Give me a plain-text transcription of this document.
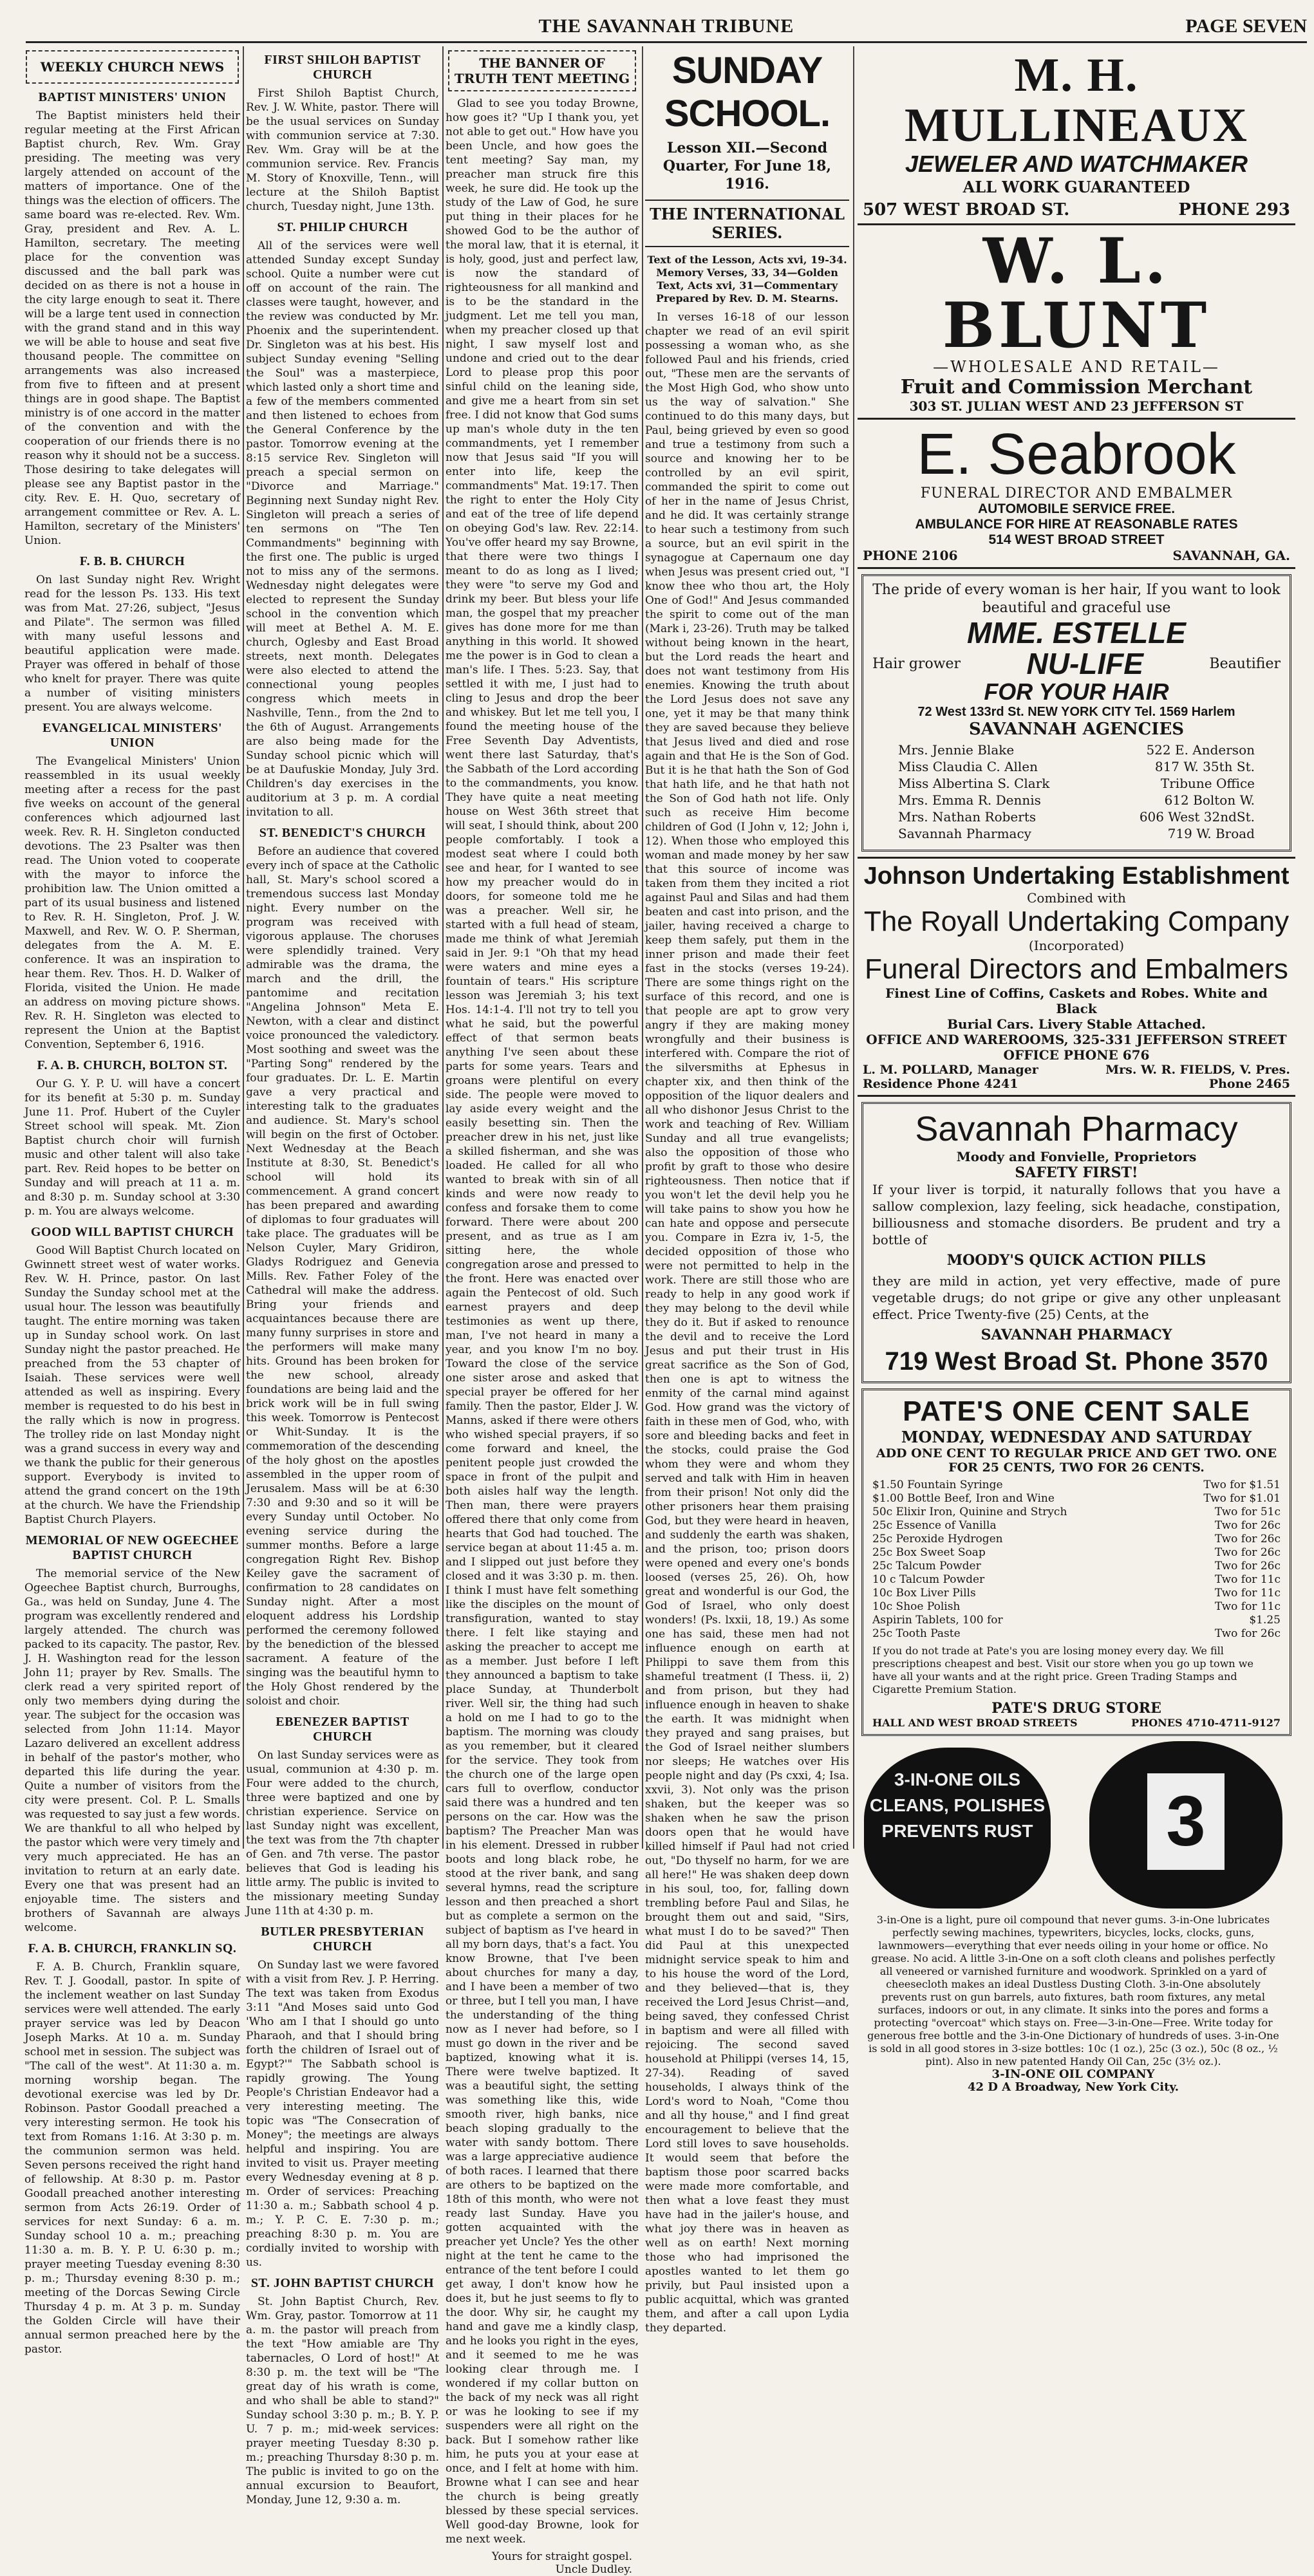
THE SAVANNAH TRIBUNE	PAGE SEVEN
WEEKLY CHURCH NEWS
BAPTIST MINISTERS' UNION

The Baptist ministers held their regular meeting at the First African Baptist church, Rev. Wm. Gray presiding. The meeting was very largely attended on account of the matters of importance. One of the things was the election of officers. The same board was re-elected. Rev. Wm. Gray, president and Rev. A. L. Hamilton, secretary. The meeting place for the convention was discussed and the ball park was decided on as there is not a house in the city large enough to seat it. There will be a large tent used in connection with the grand stand and in this way we will be able to house and seat five thousand people. The committee on arrangements was also increased from five to fifteen and at present things are in good shape. The Baptist ministry is of one accord in the matter of the convention and with the cooperation of our friends there is no reason why it should not be a success. Those desiring to take delegates will please see any Baptist pastor in the city. Rev. E. H. Quo, secretary of arrangement committee or Rev. A. L. Hamilton, secretary of the Ministers' Union.

F. B. B. CHURCH

On last Sunday night Rev. Wright read for the lesson Ps. 133. His text was from Mat. 27:26, subject, "Jesus and Pilate". The sermon was filled with many useful lessons and beautiful application were made. Prayer was offered in behalf of those who knelt for prayer. There was quite a number of visiting ministers present. You are always welcome.

EVANGELICAL MINISTERS' UNION

The Evangelical Ministers' Union reassembled in its usual weekly meeting after a recess for the past five weeks on account of the general conferences which adjourned last week. Rev. R. H. Singleton conducted devotions. The 23 Psalter was then read. The Union voted to cooperate with the mayor to inforce the prohibition law. The Union omitted a part of its usual business and listened to Rev. R. H. Singleton, Prof. J. W. Maxwell, and Rev. W. O. P. Sherman, delegates from the A. M. E. conference. It was an inspiration to hear them. Rev. Thos. H. D. Walker of Florida, visited the Union. He made an address on moving picture shows. Rev. R. H. Singleton was elected to represent the Union at the Baptist Convention, September 6, 1916.

F. A. B. CHURCH, BOLTON ST.

Our G. Y. P. U. will have a concert for its benefit at 5:30 p. m. Sunday June 11. Prof. Hubert of the Cuyler Street school will speak. Mt. Zion Baptist church choir will furnish music and other talent will also take part. Rev. Reid hopes to be better on Sunday and will preach at 11 a. m. and 8:30 p. m. Sunday school at 3:30 p. m. You are always welcome.

GOOD WILL BAPTIST CHURCH

Good Will Baptist Church located on Gwinnett street west of water works. Rev. W. H. Prince, pastor. On last Sunday the Sunday school met at the usual hour. The lesson was beautifully taught. The entire morning was taken up in Sunday school work. On last Sunday night the pastor preached. He preached from the 53 chapter of Isaiah. These services were well attended as well as inspiring. Every member is requested to do his best in the rally which is now in progress. The trolley ride on last Monday night was a grand success in every way and we thank the public for their generous support. Everybody is invited to attend the grand concert on the 19th at the church. We have the Friendship Baptist Church Players.

MEMORIAL OF NEW OGEECHEE BAPTIST CHURCH

The memorial service of the New Ogeechee Baptist church, Burroughs, Ga., was held on Sunday, June 4. The program was excellently rendered and largely attended. The church was packed to its capacity. The pastor, Rev. J. H. Washington read for the lesson John 11; prayer by Rev. Smalls. The clerk read a very spirited report of only two members dying during the year. The subject for the occasion was selected from John 11:14. Mayor Lazaro delivered an excellent address in behalf of the pastor's mother, who departed this life during the year. Quite a number of visitors from the city were present. Col. P. L. Smalls was requested to say just a few words. We are thankful to all who helped by the pastor which were very timely and very much appreciated. He has an invitation to return at an early date. Every one that was present had an enjoyable time. The sisters and brothers of Savannah are always welcome.

F. A. B. CHURCH, FRANKLIN SQ.

F. A. B. Church, Franklin square, Rev. T. J. Goodall, pastor. In spite of the inclement weather on last Sunday services were well attended. The early prayer service was led by Deacon Joseph Marks. At 10 a. m. Sunday school met in session. The subject was "The call of the west". At 11:30 a. m. morning worship began. The devotional exercise was led by Dr. Robinson. Pastor Goodall preached a very interesting sermon. He took his text from Romans 1:16. At 3:30 p. m. the communion sermon was held. Seven persons received the right hand of fellowship. At 8:30 p. m. Pastor Goodall preached another interesting sermon from Acts 26:19. Order of services for next Sunday: 6 a. m. Sunday school 10 a. m.; preaching 11:30 a. m. B. Y. P. U. 6:30 p. m.; prayer meeting Tuesday evening 8:30 p. m.; Thursday evening 8:30 p. m.; meeting of the Dorcas Sewing Circle Thursday 4 p. m. At 3 p. m. Sunday the Golden Circle will have their annual sermon preached here by the pastor.

FIRST SHILOH BAPTIST CHURCH

First Shiloh Baptist Church, Rev. J. W. White, pastor. There will be the usual services on Sunday with communion service at 7:30. Rev. Wm. Gray will be at the communion service. Rev. Francis M. Story of Knoxville, Tenn., will lecture at the Shiloh Baptist church, Tuesday night, June 13th.

ST. PHILIP CHURCH

All of the services were well attended Sunday except Sunday school. Quite a number were cut off on account of the rain. The classes were taught, however, and the review was conducted by Mr. Phoenix and the superintendent. Dr. Singleton was at his best. His subject Sunday evening "Selling the Soul" was a masterpiece, which lasted only a short time and a few of the members commented and then listened to echoes from the General Conference by the pastor. Tomorrow evening at the 8:15 service Rev. Singleton will preach a special sermon on "Divorce and Marriage." Beginning next Sunday night Rev. Singleton will preach a series of ten sermons on "The Ten Commandments" beginning with the first one. The public is urged not to miss any of the sermons. Wednesday night delegates were elected to represent the Sunday school in the convention which will meet at Bethel A. M. E. church, Oglesby and East Broad streets, next month. Delegates were also elected to attend the connectional young peoples congress which meets in Nashville, Tenn., from the 2nd to the 6th of August. Arrangements are also being made for the Sunday school picnic which will be at Daufuskie Monday, July 3rd. Children's day exercises in the auditorium at 3 p. m. A cordial invitation to all.

ST. BENEDICT'S CHURCH

Before an audience that covered every inch of space at the Catholic hall, St. Mary's school scored a tremendous success last Monday night. Every number on the program was received with vigorous applause. The choruses were splendidly trained. Very admirable was the drama, the march and the drill, the pantomime and recitation "Angelina Johnson" Meta E. Newton, with a clear and distinct voice pronounced the valedictory. Most soothing and sweet was the "Parting Song" rendered by the four graduates. Dr. L. E. Martin gave a very practical and interesting talk to the graduates and audience. St. Mary's school will begin on the first of October. Next Wednesday at the Beach Institute at 8:30, St. Benedict's school will hold its commencement. A grand concert has been prepared and awarding of diplomas to four graduates will take place. The graduates will be Nelson Cuyler, Mary Gridiron, Gladys Rodriguez and Genevia Mills. Rev. Father Foley of the Cathedral will make the address. Bring your friends and acquaintances because there are many funny surprises in store and the performers will make many hits. Ground has been broken for the new school, already foundations are being laid and the brick work will be in full swing this week. Tomorrow is Pentecost or Whit-Sunday. It is the commemoration of the descending of the holy ghost on the apostles assembled in the upper room of Jerusalem. Mass will be at 6:30 7:30 and 9:30 and so it will be every Sunday until October. No evening service during the summer months. Before a large congregation Right Rev. Bishop Keiley gave the sacrament of confirmation to 28 candidates on Sunday night. After a most eloquent address his Lordship performed the ceremony followed by the benediction of the blessed sacrament. A feature of the singing was the beautiful hymn to the Holy Ghost rendered by the soloist and choir.

EBENEZER BAPTIST CHURCH

On last Sunday services were as usual, communion at 4:30 p. m. Four were added to the church, three were baptized and one by christian experience. Service on last Sunday night was excellent, the text was from the 7th chapter of Gen. and 7th verse. The pastor believes that God is leading his little army. The public is invited to the missionary meeting Sunday June 11th at 4:30 p. m.

BUTLER PRESBYTERIAN CHURCH

On Sunday last we were favored with a visit from Rev. J. P. Herring. The text was taken from Exodus 3:11 "And Moses said unto God 'Who am I that I should go unto Pharaoh, and that I should bring forth the children of Israel out of Egypt?'" The Sabbath school is rapidly growing. The Young People's Christian Endeavor had a very interesting meeting. The topic was "The Consecration of Money"; the meetings are always helpful and inspiring. You are invited to visit us. Prayer meeting every Wednesday evening at 8 p. m. Order of services: Preaching 11:30 a. m.; Sabbath school 4 p. m.; Y. P. C. E. 7:30 p. m.; preaching 8:30 p. m. You are cordially invited to worship with us.

ST. JOHN BAPTIST CHURCH

St. John Baptist Church, Rev. Wm. Gray, pastor. Tomorrow at 11 a. m. the pastor will preach from the text "How amiable are Thy tabernacles, O Lord of host!" At 8:30 p. m. the text will be "The great day of his wrath is come, and who shall be able to stand?" Sunday school 3:30 p. m.; B. Y. P. U. 7 p. m.; mid-week services: prayer meeting Tuesday 8:30 p. m.; preaching Thursday 8:30 p. m. The public is invited to go on the annual excursion to Beaufort, Monday, June 12, 9:30 a. m.

THE BANNER OF TRUTH TENT MEETING

Glad to see you today Browne, how goes it? "Up I thank you, yet not able to get out." How have you been Uncle, and how goes the tent meeting? Say man, my preacher man struck fire this week, he sure did. He took up the study of the Law of God, he sure put thing in their places for he showed God to be the author of the moral law, that it is eternal, it is holy, good, just and perfect law, is now the standard of righteousness for all mankind and is to be the standard in the judgment. Let me tell you man, when my preacher closed up that night, I saw myself lost and undone and cried out to the dear Lord to please prop this poor sinful child on the leaning side, and give me a heart from sin set free. I did not know that God sums up man's whole duty in the ten commandments, yet I remember now that Jesus said "If you will enter into life, keep the commandments" Mat. 19:17. Then the right to enter the Holy City and eat of the tree of life depend on obeying God's law. Rev. 22:14. You've offer heard my say Browne, that there were two things I meant to do as long as I lived; they were "to serve my God and drink my beer. But bless your life man, the gospel that my preacher gives has done more for me than anything in this world. It showed me the power is in God to clean a man's life. I Thes. 5:23. Say, that settled it with me, I just had to cling to Jesus and drop the beer and whiskey. But let me tell you, I found the meeting house of the Free Seventh Day Adventists, went there last Saturday, that's the Sabbath of the Lord according to the commandments, you know. They have quite a neat meeting house on West 36th street that will seat, I should think, about 200 people comfortably. I took a modest seat where I could both see and hear, for I wanted to see how my preacher would do in doors, for someone told me he was a preacher. Well sir, he started with a full head of steam, made me think of what Jeremiah said in Jer. 9:1 "Oh that my head were waters and mine eyes a fountain of tears." His scripture lesson was Jeremiah 3; his text Hos. 14:1-4. I'll not try to tell you what he said, but the powerful effect of that sermon beats anything I've seen about these parts for some years. Tears and groans were plentiful on every side. The people were moved to lay aside every weight and the easily besetting sin. Then the preacher drew in his net, just like a skilled fisherman, and she was loaded. He called for all who wanted to break with sin of all kinds and were now ready to confess and forsake them to come forward. There were about 200 present, and as true as I am sitting here, the whole congregation arose and pressed to the front. Here was enacted over again the Pentecost of old. Such earnest prayers and deep testimonies as went up there, man, I've not heard in many a year, and you know I'm no boy. Toward the close of the service one sister arose and asked that special prayer be offered for her family. Then the pastor, Elder J. W. Manns, asked if there were others who wished special prayers, if so come forward and kneel, the penitent people just crowded the space in front of the pulpit and both aisles half way the length. Then man, there were prayers offered there that only come from hearts that God had touched. The service began at about 11:45 a. m. and I slipped out just before they closed and it was 3:30 p. m. then. I think I must have felt something like the disciples on the mount of transfiguration, wanted to stay there. I felt like staying and asking the preacher to accept me as a member. Just before I left they announced a baptism to take place Sunday, at Thunderbolt river. Well sir, the thing had such a hold on me I had to go to the baptism. The morning was cloudy as you remember, but it cleared for the service. They took from the church one of the large open cars full to overflow, conductor said there was a hundred and ten persons on the car. How was the baptism? The Preacher Man was in his element. Dressed in rubber boots and long black robe, he stood at the river bank, and sang several hymns, read the scripture lesson and then preached a short but as complete a sermon on the subject of baptism as I've heard in all my born days, that's a fact. You know Browne, that I've been about churches for many a day, and I have been a member of two or three, but I tell you man, I have the understanding of the thing now as I never had before, so I must go down in the river and be baptized, knowing what it is. There were twelve baptized. It was a beautiful sight, the setting was something like this, wide smooth river, high banks, nice beach sloping gradually to the water with sandy bottom. There was a large appreciative audience of both races. I learned that there are others to be baptized on the 18th of this month, who were not ready last Sunday. Have you gotten acquainted with the preacher yet Uncle? Yes the other night at the tent he came to the entrance of the tent before I could get away, I don't know how he does it, but he just seems to fly to the door. Why sir, he caught my hand and gave me a kindly clasp, and he looks you right in the eyes, and it seemed to me he was looking clear through me. I wondered if my collar button on the back of my neck was all right or was he looking to see if my suspenders were all right on the back. But I somehow rather like him, he puts you at your ease at once, and I felt at home with him. Browne what I can see and hear the church is being greatly blessed by these special services. Well good-day Browne, look for me next week.

Yours for straight gospel.
Uncle Dudley.
SUNDAY SCHOOL.
Lesson XII.—Second Quarter, For June 18, 1916.
THE INTERNATIONAL SERIES.
Text of the Lesson, Acts xvi, 19-34. Memory Verses, 33, 34—Golden Text, Acts xvi, 31—Commentary Prepared by Rev. D. M. Stearns.

In verses 16-18 of our lesson chapter we read of an evil spirit possessing a woman who, as she followed Paul and his friends, cried out, "These men are the servants of the Most High God, who show unto us the way of salvation." She continued to do this many days, but Paul, being grieved by even so good and true a testimony from such a source and knowing her to be controlled by an evil spirit, commanded the spirit to come out of her in the name of Jesus Christ, and he did. It was certainly strange to hear such a testimony from such a source, but an evil spirit in the synagogue at Capernaum one day when Jesus was present cried out, "I know thee who thou art, the Holy One of God!" And Jesus commanded the spirit to come out of the man (Mark i, 23-26). Truth may be talked without being known in the heart, but the Lord reads the heart and does not want testimony from His enemies. Knowing the truth about the Lord Jesus does not save any one, yet it may be that many think they are saved because they believe that Jesus lived and died and rose again and that He is the Son of God. But it is he that hath the Son of God that hath life, and he that hath not the Son of God hath not life. Only such as receive Him become children of God (I John v, 12; John i, 12). When those who employed this woman and made money by her saw that this source of income was taken from them they incited a riot against Paul and Silas and had them beaten and cast into prison, and the jailer, having received a charge to keep them safely, put them in the inner prison and made their feet fast in the stocks (verses 19-24). There are some things right on the surface of this record, and one is that people are apt to grow very angry if they are making money wrongfully and their business is interfered with. Compare the riot of the silversmiths at Ephesus in chapter xix, and then think of the opposition of the liquor dealers and all who dishonor Jesus Christ to the work and teaching of Rev. William Sunday and all true evangelists; also the opposition of those who profit by graft to those who desire righteousness. Then notice that if you won't let the devil help you he will take pains to show you how he can hate and oppose and persecute you. Compare in Ezra iv, 1-5, the decided opposition of those who were not permitted to help in the work. There are still those who are ready to help in any good work if they may belong to the devil while they do it. But if asked to renounce the devil and to receive the Lord Jesus and put their trust in His great sacrifice as the Son of God, then one is apt to witness the enmity of the carnal mind against God. How grand was the victory of faith in these men of God, who, with sore and bleeding backs and feet in the stocks, could praise the God whom they were and whom they served and talk with Him in heaven from their prison! Not only did the other prisoners hear them praising God, but they were heard in heaven, and suddenly the earth was shaken, and the prison, too; prison doors were opened and every one's bonds loosed (verses 25, 26). Oh, how great and wonderful is our God, the God of Israel, who only doest wonders! (Ps. lxxii, 18, 19.) As some one has said, these men had not influence enough on earth at Philippi to save them from this shameful treatment (I Thess. ii, 2) and from prison, but they had influence enough in heaven to shake the earth. It was midnight when they prayed and sang praises, but the God of Israel neither slumbers nor sleeps; He watches over His people night and day (Ps cxxi, 4; Isa. xxvii, 3). Not only was the prison shaken, but the keeper was so shaken when he saw the prison doors open that he would have killed himself if Paul had not cried out, "Do thyself no harm, for we are all here!" He was shaken deep down in his soul, too, for, falling down trembling before Paul and Silas, he brought them out and said, "Sirs, what must I do to be saved?" Then did Paul at this unexpected midnight service speak to him and to his house the word of the Lord, and they believed—that is, they received the Lord Jesus Christ—and, being saved, they confessed Christ in baptism and were all filled with rejoicing. The second saved household at Philippi (verses 14, 15, 27-34). Reading of saved households, I always think of the Lord's word to Noah, "Come thou and all thy house," and I find great encouragement to believe that the Lord still loves to save households. It would seem that before the baptism those poor scarred backs were made more comfortable, and then what a love feast they must have had in the jailer's house, and what joy there was in heaven as well as on earth! Next morning those who had imprisoned the apostles wanted to let them go privily, but Paul insisted upon a public acquittal, which was granted them, and after a call upon Lydia they departed.

M. H. MULLINEAUX
JEWELER AND WATCHMAKER
ALL WORK GUARANTEED
507 WEST BROAD ST.	PHONE 293
W. L. BLUNT
—WHOLESALE AND RETAIL—
Fruit and Commission Merchant
303 ST. JULIAN WEST AND 23 JEFFERSON ST
E. Seabrook
FUNERAL DIRECTOR AND EMBALMER
AUTOMOBILE SERVICE FREE.
AMBULANCE FOR HIRE AT REASONABLE RATES
514 WEST BROAD STREET
PHONE 2106	SAVANNAH, GA.
The pride of every woman is her hair, If you want to look beautiful and graceful use
MME. ESTELLE
Hair grower NU-LIFE	Beautifier
FOR YOUR HAIR
72 West 133rd St. NEW YORK CITY Tel. 1569 Harlem
SAVANNAH AGENCIES
Mrs. Jennie Blake	522 E. Anderson
Miss Claudia C. Allen	817 W. 35th St.
Miss Albertina S. Clark	Tribune Office
Mrs. Emma R. Dennis	612 Bolton W.
Mrs. Nathan Roberts	606 West 32ndSt.
Savannah Pharmacy	719 W. Broad
Johnson Undertaking Establishment
Combined with
The Royall Undertaking Company
(Incorporated)
Funeral Directors and Embalmers
Finest Line of Coffins, Caskets and Robes. White and Black
Burial Cars. Livery Stable Attached.
OFFICE AND WAREROOMS, 325-331 JEFFERSON STREET
OFFICE PHONE 676
L. M. POLLARD, Manager	Mrs. W. R. FIELDS, V. Pres.
Residence Phone 4241	Phone 2465
Savannah Pharmacy
Moody and Fonvielle, Proprietors
SAFETY FIRST!
If your liver is torpid, it naturally follows that you have a sallow complexion, lazy feeling, sick headache, constipation, billiousness and stomache disorders. Be prudent and try a bottle of
MOODY'S QUICK ACTION PILLS
they are mild in action, yet very effective, made of pure vegetable drugs; do not gripe or give any other unpleasant effect. Price Twenty-five (25) Cents, at the
SAVANNAH PHARMACY
719 West Broad St. Phone 3570
PATE'S ONE CENT SALE
MONDAY, WEDNESDAY AND SATURDAY
ADD ONE CENT TO REGULAR PRICE AND GET TWO. ONE FOR 25 CENTS, TWO FOR 26 CENTS.
$1.50 Fountain Syringe	Two for $1.51
$1.00 Bottle Beef, Iron and Wine	Two for $1.01
50c Elixir Iron, Quinine and Strych	Two for 51c
25c Essence of Vanilla	Two for 26c
25c Peroxide Hydrogen	Two for 26c
25c Box Sweet Soap	Two for 26c
25c Talcum Powder	Two for 26c
10 c Talcum Powder	Two for 11c
10c Box Liver Pills	Two for 11c
10c Shoe Polish	Two for 11c
Aspirin Tablets, 100 for	$1.25
25c Tooth Paste	Two for 26c
If you do not trade at Pate's you are losing money every day. We fill prescriptions cheapest and best. Visit our store when you go up town we have all your wants and at the right price. Green Trading Stamps and Cigarette Premium Station.
PATE'S DRUG STORE
HALL AND WEST BROAD STREETS	PHONES 4710-4711-9127
3-IN-ONE OILS
CLEANS, POLISHES
PREVENTS RUST 3
3-in-One is a light, pure oil compound that never gums. 3-in-One lubricates perfectly sewing machines, typewriters, bicycles, locks, clocks, guns, lawnmowers—everything that ever needs oiling in your home or office. No grease. No acid. A little 3-in-One on a soft cloth cleans and polishes perfectly all veneered or varnished furniture and woodwork. Sprinkled on a yard of cheesecloth makes an ideal Dustless Dusting Cloth. 3-in-One absolutely prevents rust on gun barrels, auto fixtures, bath room fixtures, any metal surfaces, indoors or out, in any climate. It sinks into the pores and forms a protecting "overcoat" which stays on. Free—3-in-One—Free. Write today for generous free bottle and the 3-in-One Dictionary of hundreds of uses. 3-in-One is sold in all good stores in 3-size bottles: 10c (1 oz.), 25c (3 oz.), 50c (8 oz., ½ pint). Also in new patented Handy Oil Can, 25c (3½ oz.).
3-IN-ONE OIL COMPANY
42 D A Broadway, New York City.
